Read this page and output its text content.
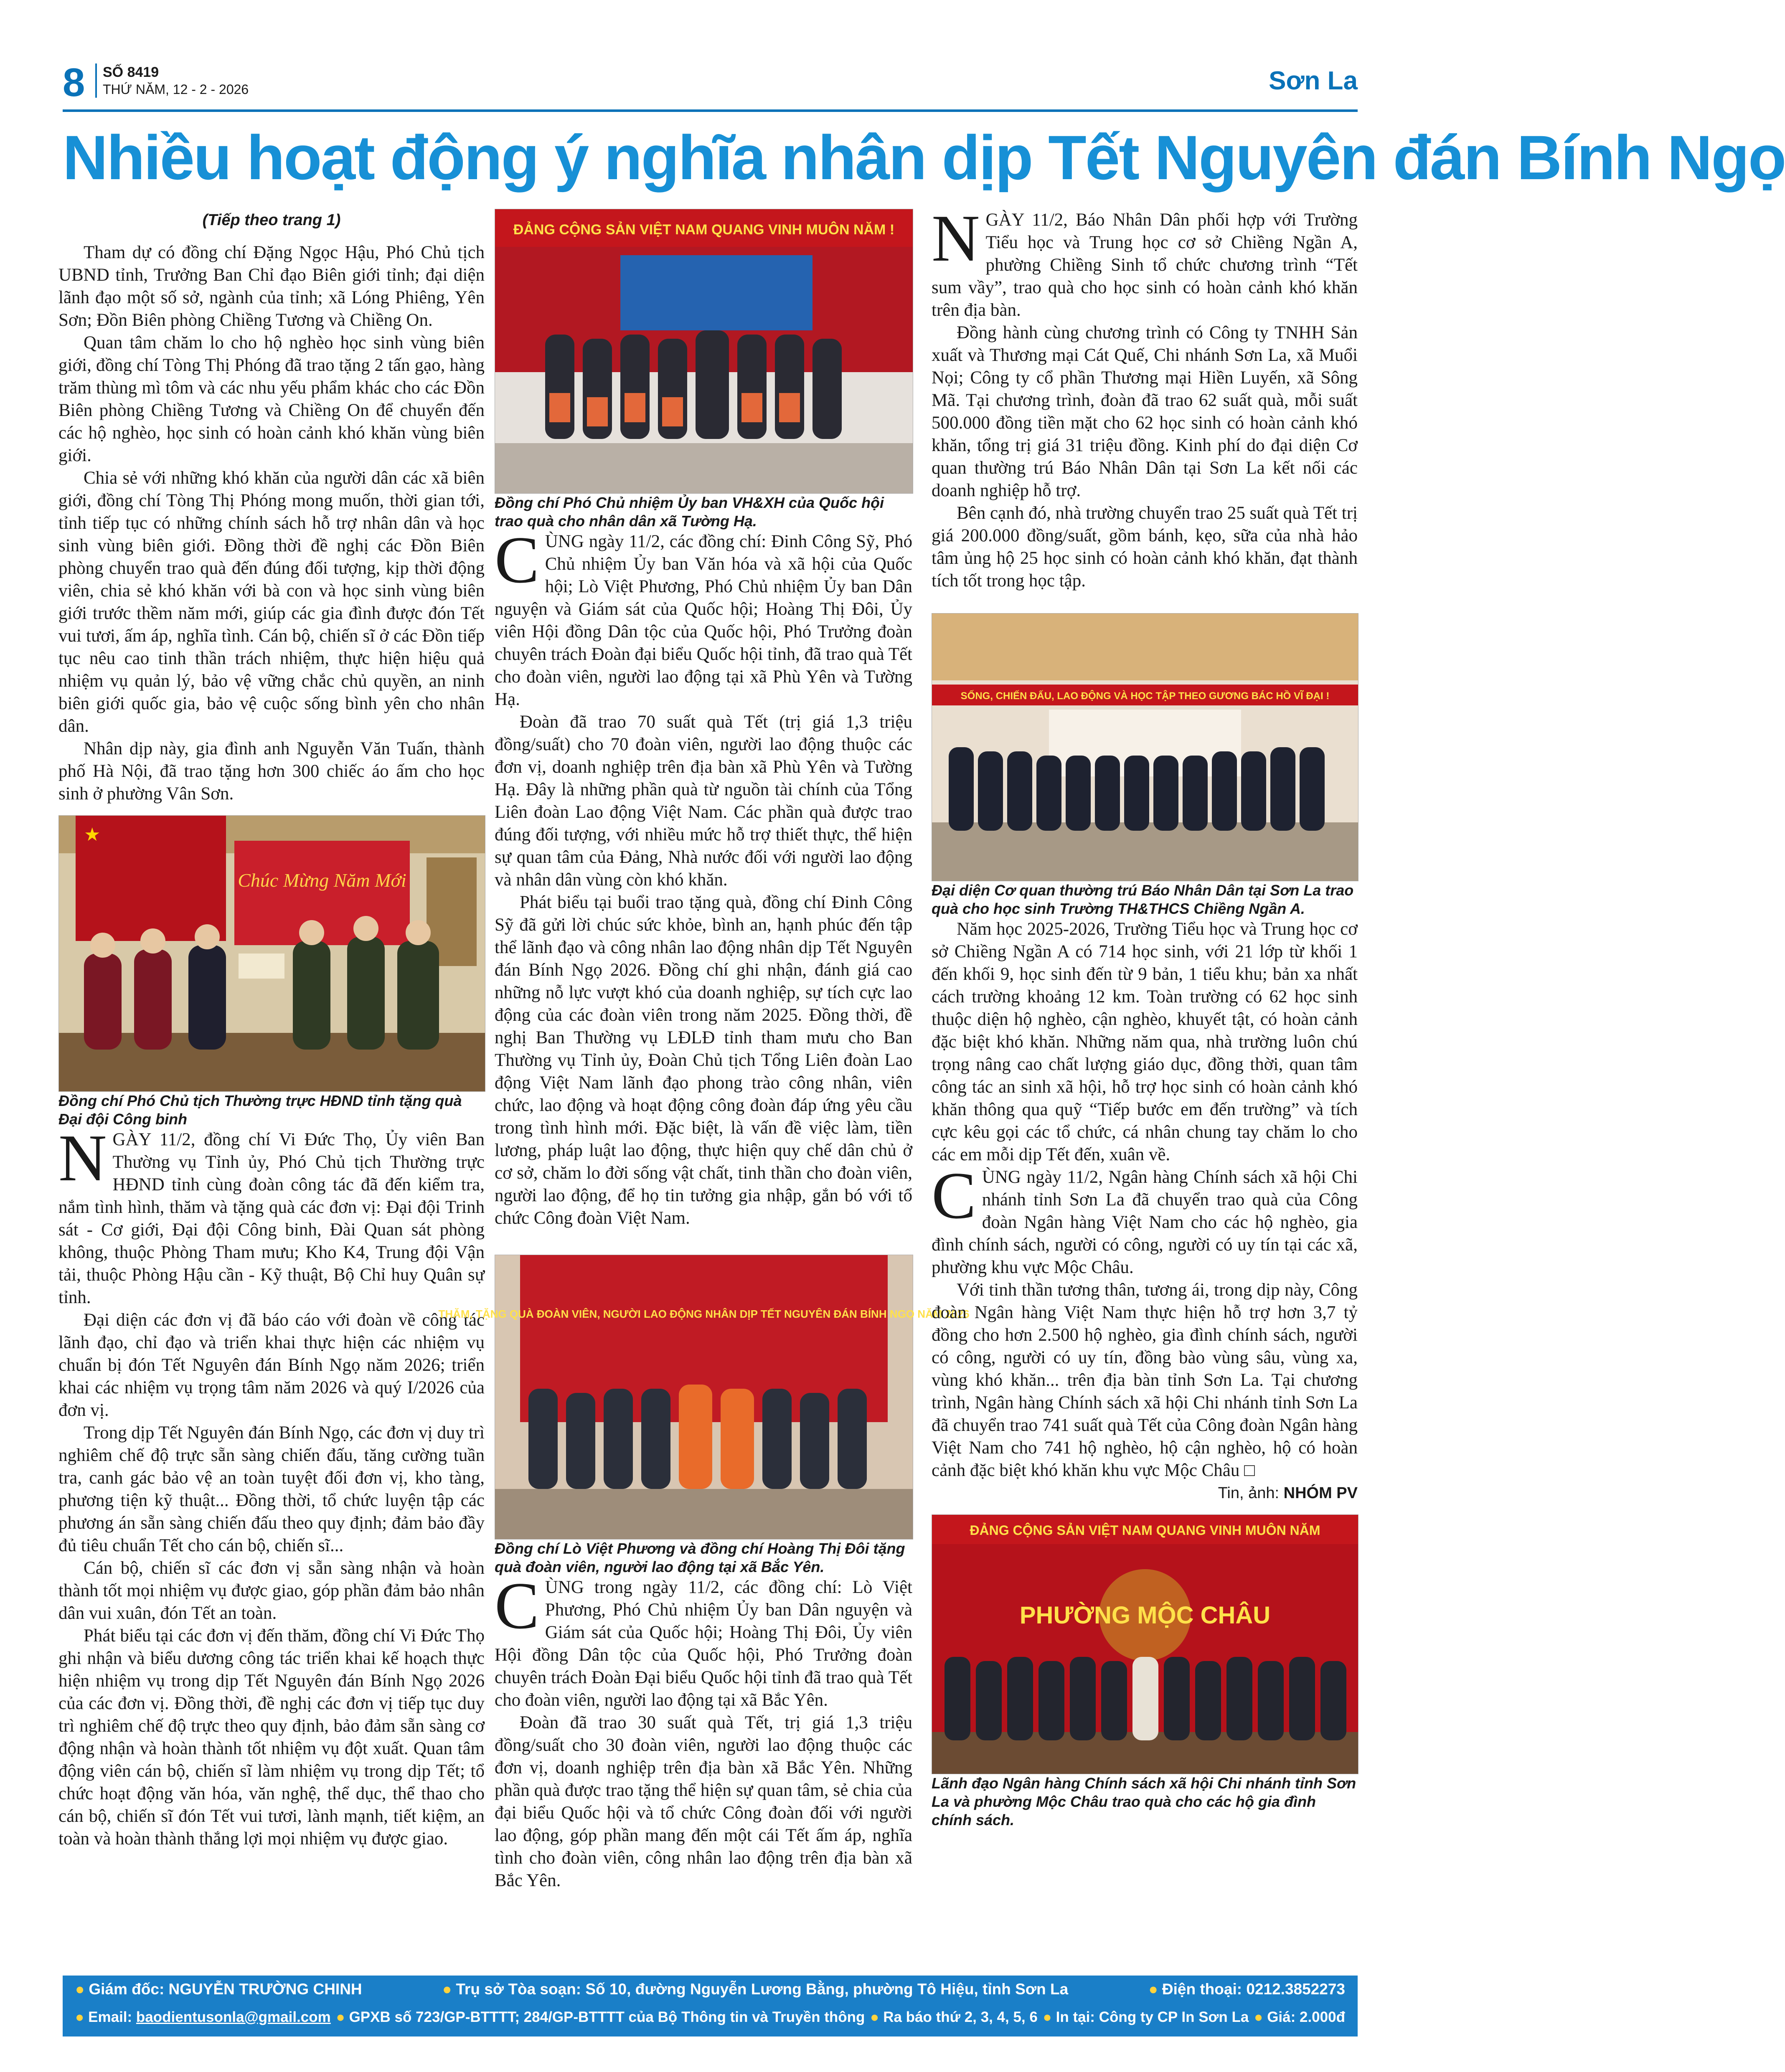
8 SỐ 8419
THỨ NĂM, 12 - 2 - 2026	Sơn La
Nhiều hoạt động ý nghĩa nhân dịp Tết Nguyên đán Bính Ngọ

(Tiếp theo trang 1)

Tham dự có đồng chí Đặng Ngọc Hậu, Phó Chủ tịch UBND tỉnh, Trưởng Ban Chỉ đạo Biên giới tỉnh; đại diện lãnh đạo một số sở, ngành của tỉnh; xã Lóng Phiêng, Yên Sơn; Đồn Biên phòng Chiềng Tương và Chiềng On.

Quan tâm chăm lo cho hộ nghèo học sinh vùng biên giới, đồng chí Tòng Thị Phóng đã trao tặng 2 tấn gạo, hàng trăm thùng mì tôm và các nhu yếu phẩm khác cho các Đồn Biên phòng Chiềng Tương và Chiềng On để chuyển đến các hộ nghèo, học sinh có hoàn cảnh khó khăn vùng biên giới.

Chia sẻ với những khó khăn của người dân các xã biên giới, đồng chí Tòng Thị Phóng mong muốn, thời gian tới, tỉnh tiếp tục có những chính sách hỗ trợ nhân dân và học sinh vùng biên giới. Đồng thời đề nghị các Đồn Biên phòng chuyển trao quà đến đúng đối tượng, kịp thời động viên, chia sẻ khó khăn với bà con và học sinh vùng biên giới trước thềm năm mới, giúp các gia đình được đón Tết vui tươi, ấm áp, nghĩa tình. Cán bộ, chiến sĩ ở các Đồn tiếp tục nêu cao tinh thần trách nhiệm, thực hiện hiệu quả nhiệm vụ quản lý, bảo vệ vững chắc chủ quyền, an ninh biên giới quốc gia, bảo vệ cuộc sống bình yên cho nhân dân.

Nhân dịp này, gia đình anh Nguyễn Văn Tuấn, thành phố Hà Nội, đã trao tặng hơn 300 chiếc áo ấm cho học sinh ở phường Vân Sơn.

★
Chúc Mừng Năm Mới

Đồng chí Phó Chủ tịch Thường trực HĐND tỉnh tặng quà Đại đội Công binh

NGÀY 11/2, đồng chí Vi Đức Thọ, Ủy viên Ban Thường vụ Tỉnh ủy, Phó Chủ tịch Thường trực HĐND tỉnh cùng đoàn công tác đã đến kiểm tra, nắm tình hình, thăm và tặng quà các đơn vị: Đại đội Trinh sát - Cơ giới, Đại đội Công binh, Đài Quan sát phòng không, thuộc Phòng Tham mưu; Kho K4, Trung đội Vận tải, thuộc Phòng Hậu cần - Kỹ thuật, Bộ Chỉ huy Quân sự tỉnh.

Đại diện các đơn vị đã báo cáo với đoàn về công tác lãnh đạo, chỉ đạo và triển khai thực hiện các nhiệm vụ chuẩn bị đón Tết Nguyên đán Bính Ngọ năm 2026; triển khai các nhiệm vụ trọng tâm năm 2026 và quý I/2026 của đơn vị.

Trong dịp Tết Nguyên đán Bính Ngọ, các đơn vị duy trì nghiêm chế độ trực sẵn sàng chiến đấu, tăng cường tuần tra, canh gác bảo vệ an toàn tuyệt đối đơn vị, kho tàng, phương tiện kỹ thuật... Đồng thời, tổ chức luyện tập các phương án sẵn sàng chiến đấu theo quy định; đảm bảo đầy đủ tiêu chuẩn Tết cho cán bộ, chiến sĩ...

Cán bộ, chiến sĩ các đơn vị sẵn sàng nhận và hoàn thành tốt mọi nhiệm vụ được giao, góp phần đảm bảo nhân dân vui xuân, đón Tết an toàn.

Phát biểu tại các đơn vị đến thăm, đồng chí Vi Đức Thọ ghi nhận và biểu dương công tác triển khai kế hoạch thực hiện nhiệm vụ trong dịp Tết Nguyên đán Bính Ngọ 2026 của các đơn vị. Đồng thời, đề nghị các đơn vị tiếp tục duy trì nghiêm chế độ trực theo quy định, bảo đảm sẵn sàng cơ động nhận và hoàn thành tốt nhiệm vụ đột xuất. Quan tâm động viên cán bộ, chiến sĩ làm nhiệm vụ trong dịp Tết; tổ chức hoạt động văn hóa, văn nghệ, thể dục, thể thao cho cán bộ, chiến sĩ đón Tết vui tươi, lành mạnh, tiết kiệm, an toàn và hoàn thành thắng lợi mọi nhiệm vụ được giao.

ĐẢNG CỘNG SẢN VIỆT NAM QUANG VINH MUÔN NĂM !

Đồng chí Phó Chủ nhiệm Ủy ban VH&XH của Quốc hội trao quà cho nhân dân xã Tường Hạ.

CÙNG ngày 11/2, các đồng chí: Đinh Công Sỹ, Phó Chủ nhiệm Ủy ban Văn hóa và xã hội của Quốc hội; Lò Việt Phương, Phó Chủ nhiệm Ủy ban Dân nguyện và Giám sát của Quốc hội; Hoàng Thị Đôi, Ủy viên Hội đồng Dân tộc của Quốc hội, Phó Trưởng đoàn chuyên trách Đoàn đại biểu Quốc hội tỉnh, đã trao quà Tết cho đoàn viên, người lao động tại xã Phù Yên và Tường Hạ.

Đoàn đã trao 70 suất quà Tết (trị giá 1,3 triệu đồng/suất) cho 70 đoàn viên, người lao động thuộc các đơn vị, doanh nghiệp trên địa bàn xã Phù Yên và Tường Hạ. Đây là những phần quà từ nguồn tài chính của Tổng Liên đoàn Lao động Việt Nam. Các phần quà được trao đúng đối tượng, với nhiều mức hỗ trợ thiết thực, thể hiện sự quan tâm của Đảng, Nhà nước đối với người lao động và nhân dân vùng còn khó khăn.

Phát biểu tại buổi trao tặng quà, đồng chí Đinh Công Sỹ đã gửi lời chúc sức khỏe, bình an, hạnh phúc đến tập thể lãnh đạo và công nhân lao động nhân dịp Tết Nguyên đán Bính Ngọ 2026. Đồng chí ghi nhận, đánh giá cao những nỗ lực vượt khó của doanh nghiệp, sự tích cực lao động của các đoàn viên trong năm 2025. Đồng thời, đề nghị Ban Thường vụ LĐLĐ tỉnh tham mưu cho Ban Thường vụ Tỉnh ủy, Đoàn Chủ tịch Tổng Liên đoàn Lao động Việt Nam lãnh đạo phong trào công nhân, viên chức, lao động và hoạt động công đoàn đáp ứng yêu cầu trong tình hình mới. Đặc biệt, là vấn đề việc làm, tiền lương, pháp luật lao động, thực hiện quy chế dân chủ ở cơ sở, chăm lo đời sống vật chất, tinh thần cho đoàn viên, người lao động, để họ tin tưởng gia nhập, gắn bó với tổ chức Công đoàn Việt Nam.

THĂM, TẶNG QUÀ ĐOÀN VIÊN, NGƯỜI LAO ĐỘNG NHÂN DỊP TẾT NGUYÊN ĐÁN BÍNH NGỌ NĂM 2026

Đồng chí Lò Việt Phương và đồng chí Hoàng Thị Đôi tặng quà đoàn viên, người lao động tại xã Bắc Yên.

CÙNG trong ngày 11/2, các đồng chí: Lò Việt Phương, Phó Chủ nhiệm Ủy ban Dân nguyện và Giám sát của Quốc hội; Hoàng Thị Đôi, Ủy viên Hội đồng Dân tộc của Quốc hội, Phó Trưởng đoàn chuyên trách Đoàn Đại biểu Quốc hội tỉnh đã trao quà Tết cho đoàn viên, người lao động tại xã Bắc Yên.

Đoàn đã trao 30 suất quà Tết, trị giá 1,3 triệu đồng/suất cho 30 đoàn viên, người lao động thuộc các đơn vị, doanh nghiệp trên địa bàn xã Bắc Yên. Những phần quà được trao tặng thể hiện sự quan tâm, sẻ chia của đại biểu Quốc hội và tổ chức Công đoàn đối với người lao động, góp phần mang đến một cái Tết ấm áp, nghĩa tình cho đoàn viên, công nhân lao động trên địa bàn xã Bắc Yên.

NGÀY 11/2, Báo Nhân Dân phối hợp với Trường Tiểu học và Trung học cơ sở Chiềng Ngần A, phường Chiềng Sinh tổ chức chương trình “Tết sum vầy”, trao quà cho học sinh có hoàn cảnh khó khăn trên địa bàn.

Đồng hành cùng chương trình có Công ty TNHH Sản xuất và Thương mại Cát Quế, Chi nhánh Sơn La, xã Muổi Nọi; Công ty cổ phần Thương mại Hiền Luyến, xã Sông Mã. Tại chương trình, đoàn đã trao 62 suất quà, mỗi suất 500.000 đồng tiền mặt cho 62 học sinh có hoàn cảnh khó khăn, tổng trị giá 31 triệu đồng. Kinh phí do đại diện Cơ quan thường trú Báo Nhân Dân tại Sơn La kết nối các doanh nghiệp hỗ trợ.

Bên cạnh đó, nhà trường chuyển trao 25 suất quà Tết trị giá 200.000 đồng/suất, gồm bánh, kẹo, sữa của nhà hảo tâm ủng hộ 25 học sinh có hoàn cảnh khó khăn, đạt thành tích tốt trong học tập.

SỐNG, CHIẾN ĐẤU, LAO ĐỘNG VÀ HỌC TẬP THEO GƯƠNG BÁC HỒ VĨ ĐẠI !

Đại diện Cơ quan thường trú Báo Nhân Dân tại Sơn La trao quà cho học sinh Trường TH&THCS Chiềng Ngần A.

Năm học 2025-2026, Trường Tiểu học và Trung học cơ sở Chiềng Ngần A có 714 học sinh, với 21 lớp từ khối 1 đến khối 9, học sinh đến từ 9 bản, 1 tiểu khu; bản xa nhất cách trường khoảng 12 km. Toàn trường có 62 học sinh thuộc diện hộ nghèo, cận nghèo, khuyết tật, có hoàn cảnh đặc biệt khó khăn. Những năm qua, nhà trường luôn chú trọng nâng cao chất lượng giáo dục, đồng thời, quan tâm công tác an sinh xã hội, hỗ trợ học sinh có hoàn cảnh khó khăn thông qua quỹ “Tiếp bước em đến trường” và tích cực kêu gọi các tổ chức, cá nhân chung tay chăm lo cho các em mỗi dịp Tết đến, xuân về.

CÙNG ngày 11/2, Ngân hàng Chính sách xã hội Chi nhánh tỉnh Sơn La đã chuyển trao quà của Công đoàn Ngân hàng Việt Nam cho các hộ nghèo, gia đình chính sách, người có công, người có uy tín tại các xã, phường khu vực Mộc Châu.

Với tinh thần tương thân, tương ái, trong dịp này, Công đoàn Ngân hàng Việt Nam thực hiện hỗ trợ hơn 3,7 tỷ đồng cho hơn 2.500 hộ nghèo, gia đình chính sách, người có công, người có uy tín, đồng bào vùng sâu, vùng xa, vùng khó khăn... trên địa bàn tỉnh Sơn La. Tại chương trình, Ngân hàng Chính sách xã hội Chi nhánh tỉnh Sơn La đã chuyển trao 741 suất quà Tết của Công đoàn Ngân hàng Việt Nam cho 741 hộ nghèo, hộ cận nghèo, hộ có hoàn cảnh đặc biệt khó khăn khu vực Mộc Châu □

Tin, ảnh: NHÓM PV

ĐẢNG CỘNG SẢN VIỆT NAM QUANG VINH MUÔN NĂM
PHƯỜNG MỘC CHÂU

Lãnh đạo Ngân hàng Chính sách xã hội Chi nhánh tỉnh Sơn La và phường Mộc Châu trao quà cho các hộ gia đình chính sách.

● Giám đốc: NGUYỄN TRƯỜNG CHINH	● Trụ sở Tòa soạn: Số 10, đường Nguyễn Lương Bằng, phường Tô Hiệu, tỉnh Sơn La	● Điện thoại: 0212.3852273
● Email: baodientusonla@gmail.com	● GPXB số 723/GP-BTTTT; 284/GP-BTTTT của Bộ Thông tin và Truyền thông	● Ra báo thứ 2, 3, 4, 5, 6	● In tại: Công ty CP In Sơn La	● Giá: 2.000đ
